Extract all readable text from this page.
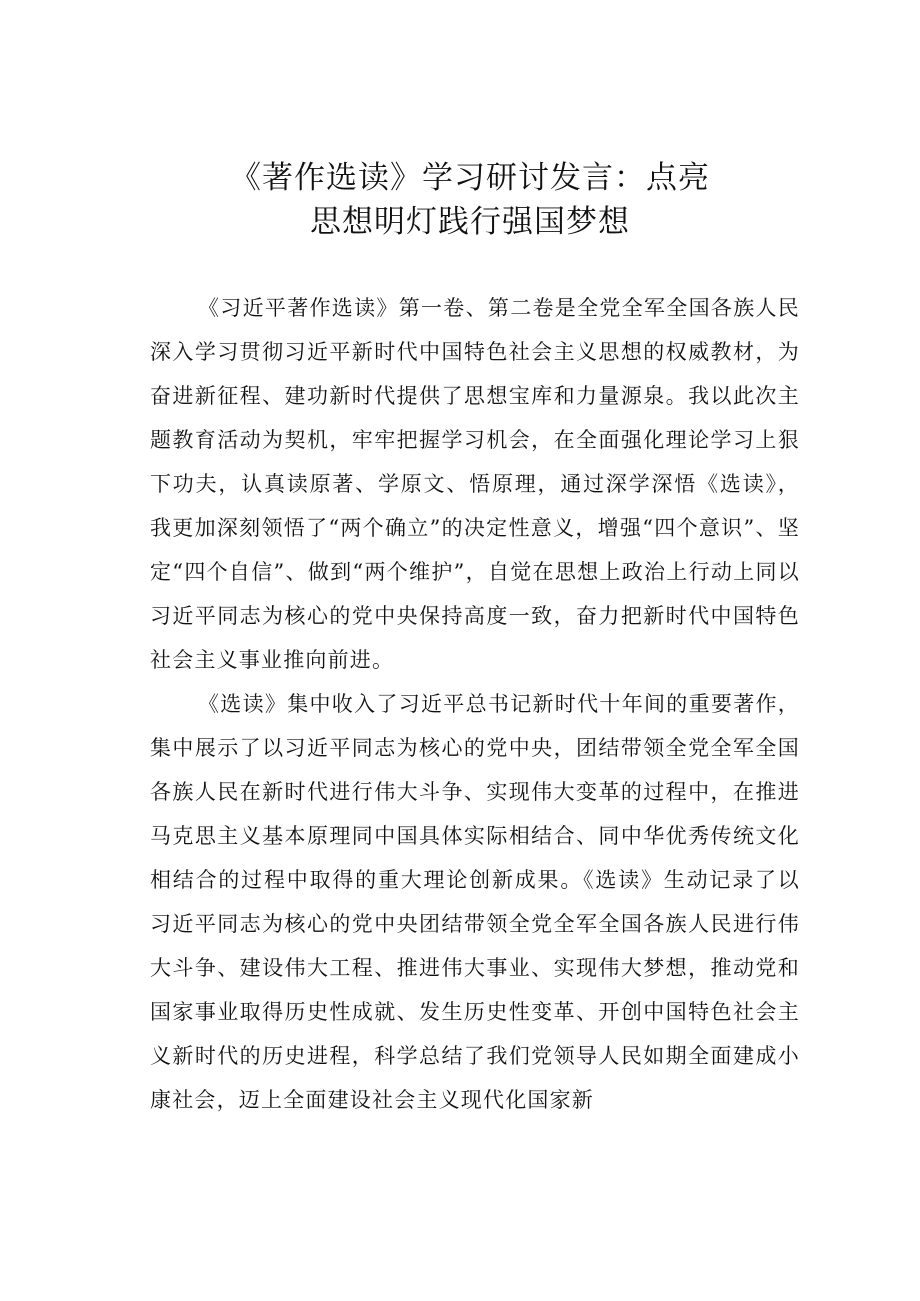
《著作选读》学习研讨发言：点亮
思想明灯践行强国梦想

《习近平著作选读》第一卷、第二卷是全党全军全国各族人民深入学习贯彻习近平新时代中国特色社会主义思想的权威教材，为奋进新征程、建功新时代提供了思想宝库和力量源泉。我以此次主题教育活动为契机，牢牢把握学习机会，在全面强化理论学习上狠下功夫，认真读原著、学原文、悟原理，通过深学深悟《选读》，我更加深刻领悟了“两个确立”的决定性意义，增强“四个意识”、坚定“四个自信”、做到“两个维护”，自觉在思想上政治上行动上同以习近平同志为核心的党中央保持高度一致，奋力把新时代中国特色社会主义事业推向前进。

《选读》集中收入了习近平总书记新时代十年间的重要著作，集中展示了以习近平同志为核心的党中央，团结带领全党全军全国各族人民在新时代进行伟大斗争、实现伟大变革的过程中，在推进马克思主义基本原理同中国具体实际相结合、同中华优秀传统文化相结合的过程中取得的重大理论创新成果。《选读》生动记录了以习近平同志为核心的党中央团结带领全党全军全国各族人民进行伟大斗争、建设伟大工程、推进伟大事业、实现伟大梦想，推动党和国家事业取得历史性成就、发生历史性变革、开创中国特色社会主义新时代的历史进程，科学总结了我们党领导人民如期全面建成小康社会，迈上全面建设社会主义现代化国家新
